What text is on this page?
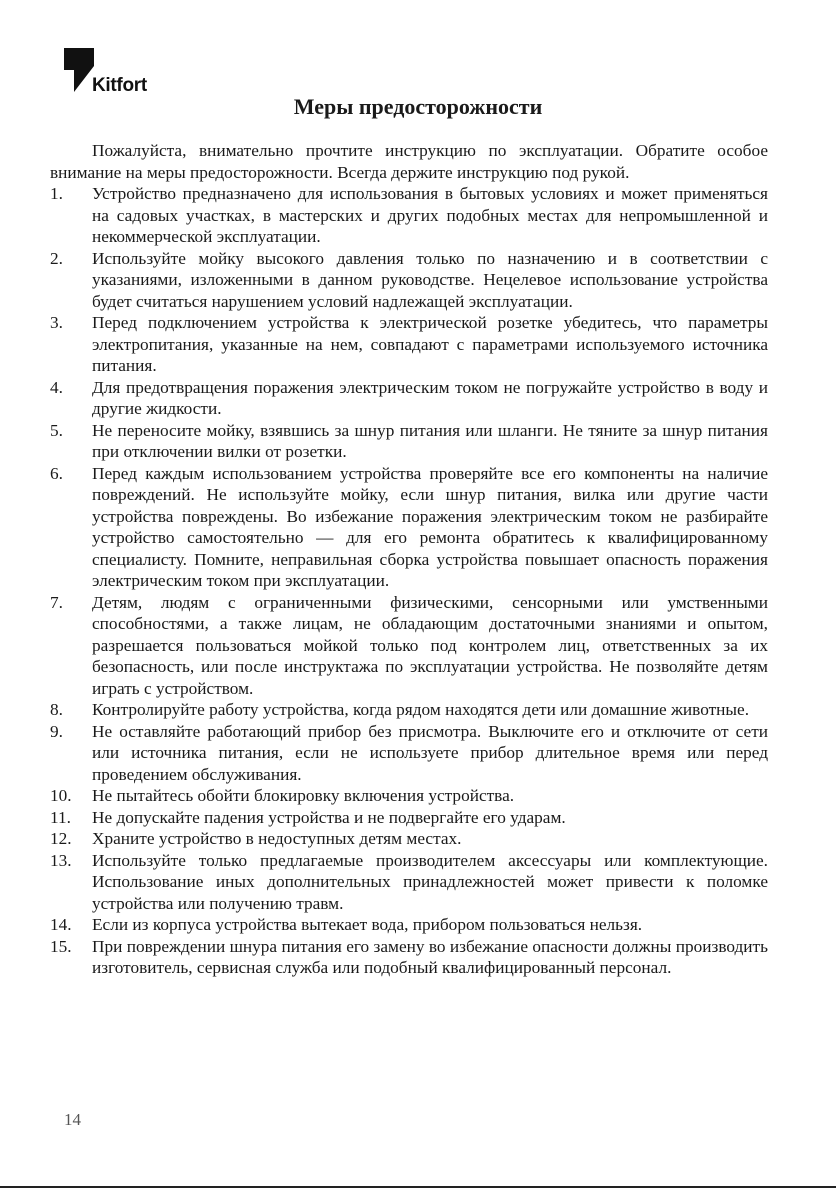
Kitfort
Меры предосторожности

Пожалуйста, внимательно прочтите инструкцию по эксплуатации. Обратите особое внимание на меры предосторожности. Всегда держите инструкцию под рукой.

1.	Устройство предназначено для использования в бытовых условиях и может применяться на садовых участках, в мастерских и других подобных местах для непромышленной и некоммерческой эксплуатации.
2.	Используйте мойку высокого давления только по назначению и в соответствии с указаниями, изложенными в данном руководстве. Нецелевое использование устройства будет считаться нарушением условий надлежащей эксплуатации.
3.	Перед подключением устройства к электрической розетке убедитесь, что параметры электропитания, указанные на нем, совпадают с параметрами используемого источника питания.
4.	Для предотвращения поражения электрическим током не погружайте устройство в воду и другие жидкости.
5.	Не переносите мойку, взявшись за шнур питания или шланги. Не тяните за шнур питания при отключении вилки от розетки.
6.	Перед каждым использованием устройства проверяйте все его компоненты на наличие повреждений. Не используйте мойку, если шнур питания, вилка или другие части устройства повреждены. Во избежание поражения электрическим током не разбирайте устройство самостоятельно — для его ремонта обратитесь к квалифицированному специалисту. Помните, неправильная сборка устройства повышает опасность поражения электрическим током при эксплуатации.
7.	Детям, людям с ограниченными физическими, сенсорными или умственными способностями, а также лицам, не обладающим достаточными знаниями и опытом, разрешается пользоваться мойкой только под контролем лиц, ответственных за их безопасность, или после инструктажа по эксплуатации устройства. Не позволяйте детям играть с устройством.
8.	Контролируйте работу устройства, когда рядом находятся дети или домашние животные.
9.	Не оставляйте работающий прибор без присмотра. Выключите его и отключите от сети или источника питания, если не используете прибор длительное время или перед проведением обслуживания.
10.	Не пытайтесь обойти блокировку включения устройства.
11.	Не допускайте падения устройства и не подвергайте его ударам.
12.	Храните устройство в недоступных детям местах.
13.	Используйте только предлагаемые производителем аксессуары или комплектующие. Использование иных дополнительных принадлежностей может привести к поломке устройства или получению травм.
14.	Если из корпуса устройства вытекает вода, прибором пользоваться нельзя.
15.	При повреждении шнура питания его замену во избежание опасности должны производить изготовитель, сервисная служба или подобный квалифицированный персонал.
14
